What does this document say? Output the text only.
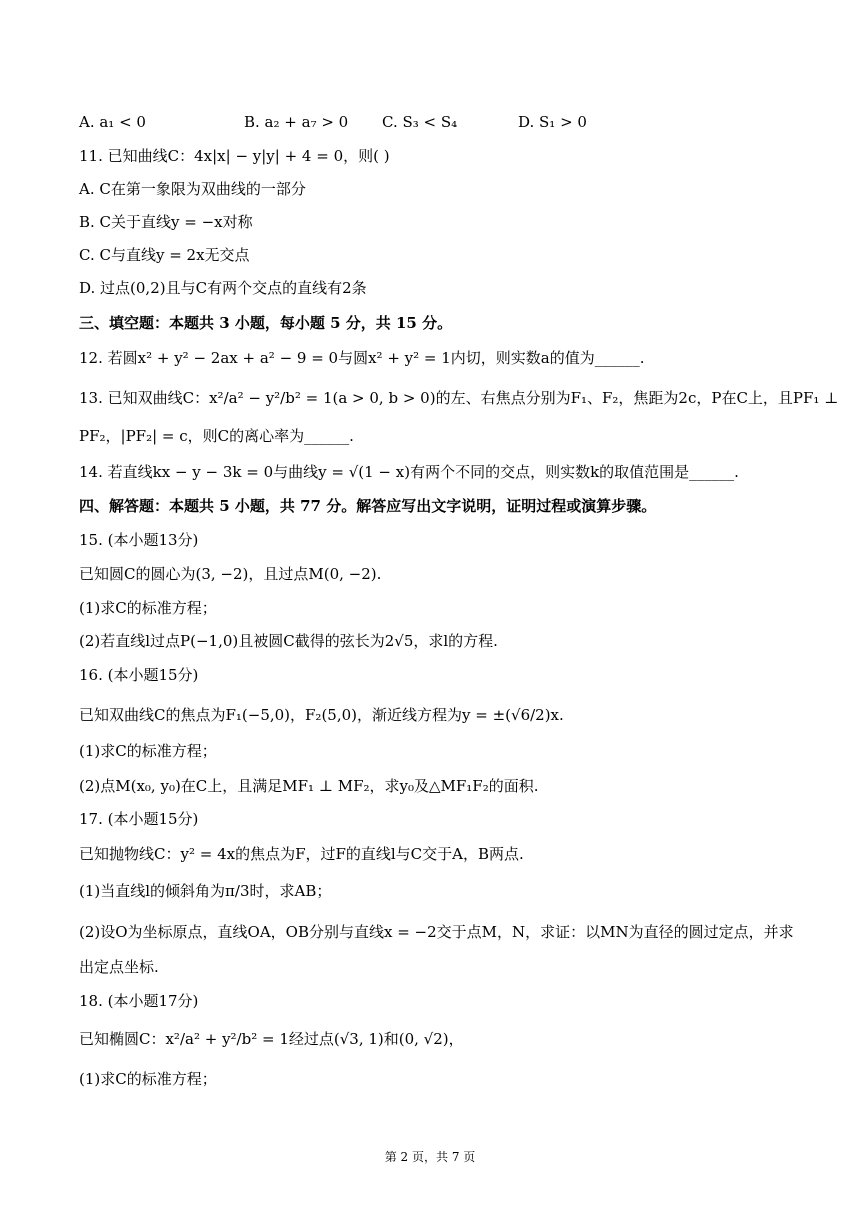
A. a₁ < 0	B. a₂ + a₇ > 0 C. S₃ < S₄	D. S₁ > 0
11. 已知曲线C：4x|x| − y|y| + 4 = 0，则( )
A. C在第一象限为双曲线的一部分
B. C关于直线y = −x对称
C. C与直线y = 2x无交点
D. 过点(0,2)且与C有两个交点的直线有2条
三、填空题：本题共 3 小题，每小题 5 分，共 15 分。
12. 若圆x² + y² − 2ax + a² − 9 = 0与圆x² + y² = 1内切，则实数a的值为______.
13. 已知双曲线C：x²/a² − y²/b² = 1(a > 0, b > 0)的左、右焦点分别为F₁、F₂，焦距为2c，P在C上，且PF₁ ⊥
PF₂，|PF₂| = c，则C的离心率为______.
14. 若直线kx − y − 3k = 0与曲线y = √(1 − x)有两个不同的交点，则实数k的取值范围是______.
四、解答题：本题共 5 小题，共 77 分。解答应写出文字说明，证明过程或演算步骤。
15. (本小题13分)
已知圆C的圆心为(3, −2)，且过点M(0, −2).
(1)求C的标准方程；
(2)若直线l过点P(−1,0)且被圆C截得的弦长为2√5，求l的方程.
16. (本小题15分)
已知双曲线C的焦点为F₁(−5,0)，F₂(5,0)，渐近线方程为y = ±(√6/2)x.
(1)求C的标准方程；
(2)点M(x₀, y₀)在C上，且满足MF₁ ⊥ MF₂，求y₀及△MF₁F₂的面积.
17. (本小题15分)
已知抛物线C：y² = 4x的焦点为F，过F的直线l与C交于A，B两点.
(1)当直线l的倾斜角为π/3时，求AB；
(2)设O为坐标原点，直线OA，OB分别与直线x = −2交于点M，N，求证：以MN为直径的圆过定点，并求
出定点坐标.
18. (本小题17分)
已知椭圆C：x²/a² + y²/b² = 1经过点(√3, 1)和(0, √2)，
(1)求C的标准方程；
第 2 页，共 7 页
